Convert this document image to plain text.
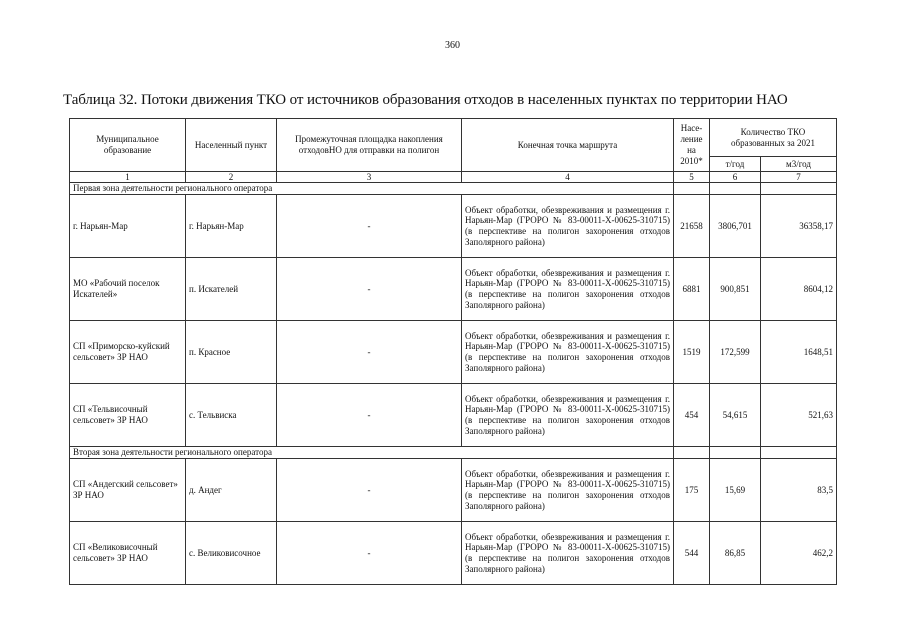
360
Таблица 32. Потоки движения ТКО от источников образования отходов в населенных пунктах по территории НАО
Муниципальное образование	Населенный пункт	Промежуточная площадка накопления отходовНО для отправки на полигон	Конечная точка маршрута	Насе-ление на 2010*	Количество ТКО образованных за 2021	
					т/год	м3/год
1	2	3	4	5	6	7
Первая зона деятельности регионального оператора						
г. Нарьян-Мар	г. Нарьян-Мар	-	Объект обработки, обезвреживания и размещения г. Нарьян-Мар (ГРОРО № 83-00011-Х-00625-310715) (в перспективе на полигон захоронения отходов Заполярного района)	21658	3806,701	36358,17
МО «Рабочий поселок Искателей»	п. Искателей	-	Объект обработки, обезвреживания и размещения г. Нарьян-Мар (ГРОРО № 83-00011-Х-00625-310715) (в перспективе на полигон захоронения отходов Заполярного района)	6881	900,851	8604,12
СП «Приморско-куйский сельсовет» ЗР НАО	п. Красное	-	Объект обработки, обезвреживания и размещения г. Нарьян-Мар (ГРОРО № 83-00011-Х-00625-310715) (в перспективе на полигон захоронения отходов Заполярного района)	1519	172,599	1648,51
СП «Тельвисочный сельсовет» ЗР НАО	с. Тельвиска	-	Объект обработки, обезвреживания и размещения г. Нарьян-Мар (ГРОРО № 83-00011-Х-00625-310715) (в перспективе на полигон захоронения отходов Заполярного района)	454	54,615	521,63
Вторая зона деятельности регионального оператора						
СП «Андегский сельсовет» ЗР НАО	д. Андег	-	Объект обработки, обезвреживания и размещения г. Нарьян-Мар (ГРОРО № 83-00011-Х-00625-310715) (в перспективе на полигон захоронения отходов Заполярного района)	175	15,69	83,5
СП «Великовисочный сельсовет» ЗР НАО	с. Великовисочное	-	Объект обработки, обезвреживания и размещения г. Нарьян-Мар (ГРОРО № 83-00011-Х-00625-310715) (в перспективе на полигон захоронения отходов Заполярного района)	544	86,85	462,2
